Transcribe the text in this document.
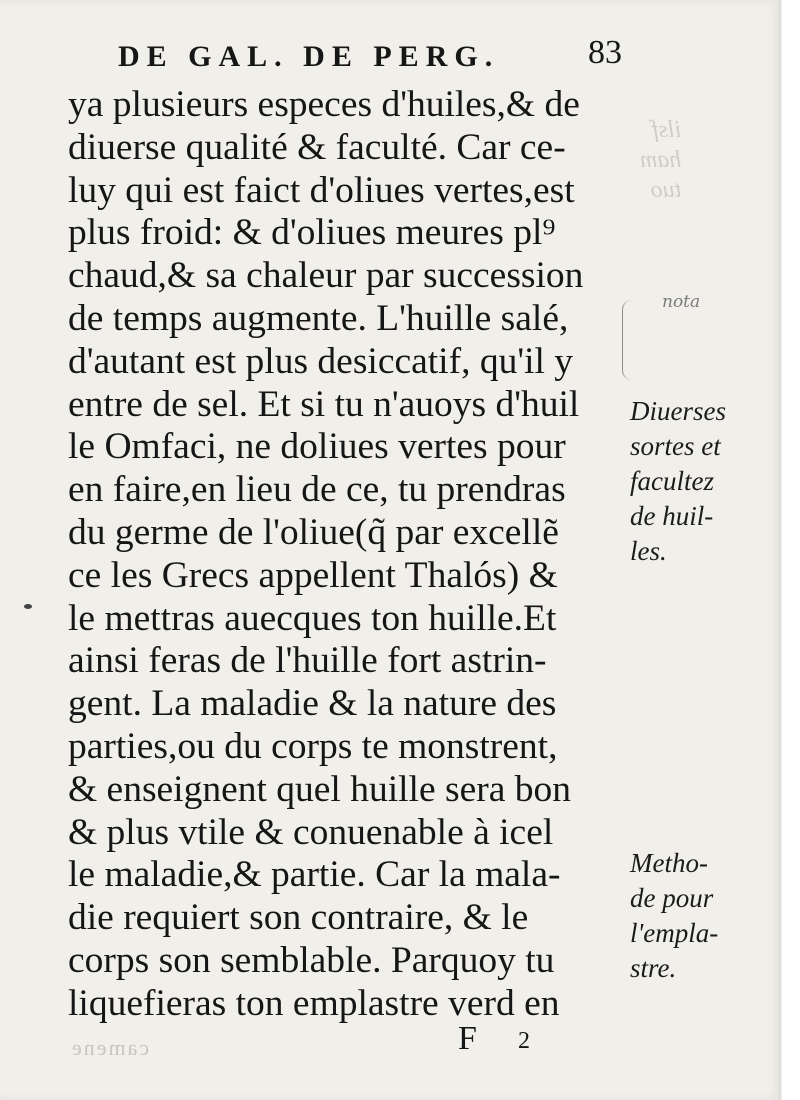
ilsf
ham
tuo
camene
DE GAL. DE PERG.	83
ya plusieurs especes d'huiles,& de
diuerse qualité & faculté. Car ce-
luy qui est faict d'oliues vertes,est
plus froid: & d'oliues meures pl⁹
chaud,& sa chaleur par succession
de temps augmente. L'huille salé,
d'autant est plus desiccatif, qu'il y
entre de sel. Et si tu n'auoys d'huil
le Omfaci, ne doliues vertes pour
en faire,en lieu de ce, tu prendras
du germe de l'oliue(q̃ par excellẽ
ce les Grecs appellent Thalós) &
le mettras auecques ton huille.Et
ainsi feras de l'huille fort astrin-
gent. La maladie & la nature des
parties,ou du corps te monstrent,
& enseignent quel huille sera bon
& plus vtile & conuenable à icel
le maladie,& partie. Car la mala-
die requiert son contraire, & le
corps son semblable. Parquoy tu
liquefieras ton emplastre verd en
nota
Diuerses
sortes et
facultez
de huil-
les.
Metho-
de pour
l'empla-
stre.
F 2
